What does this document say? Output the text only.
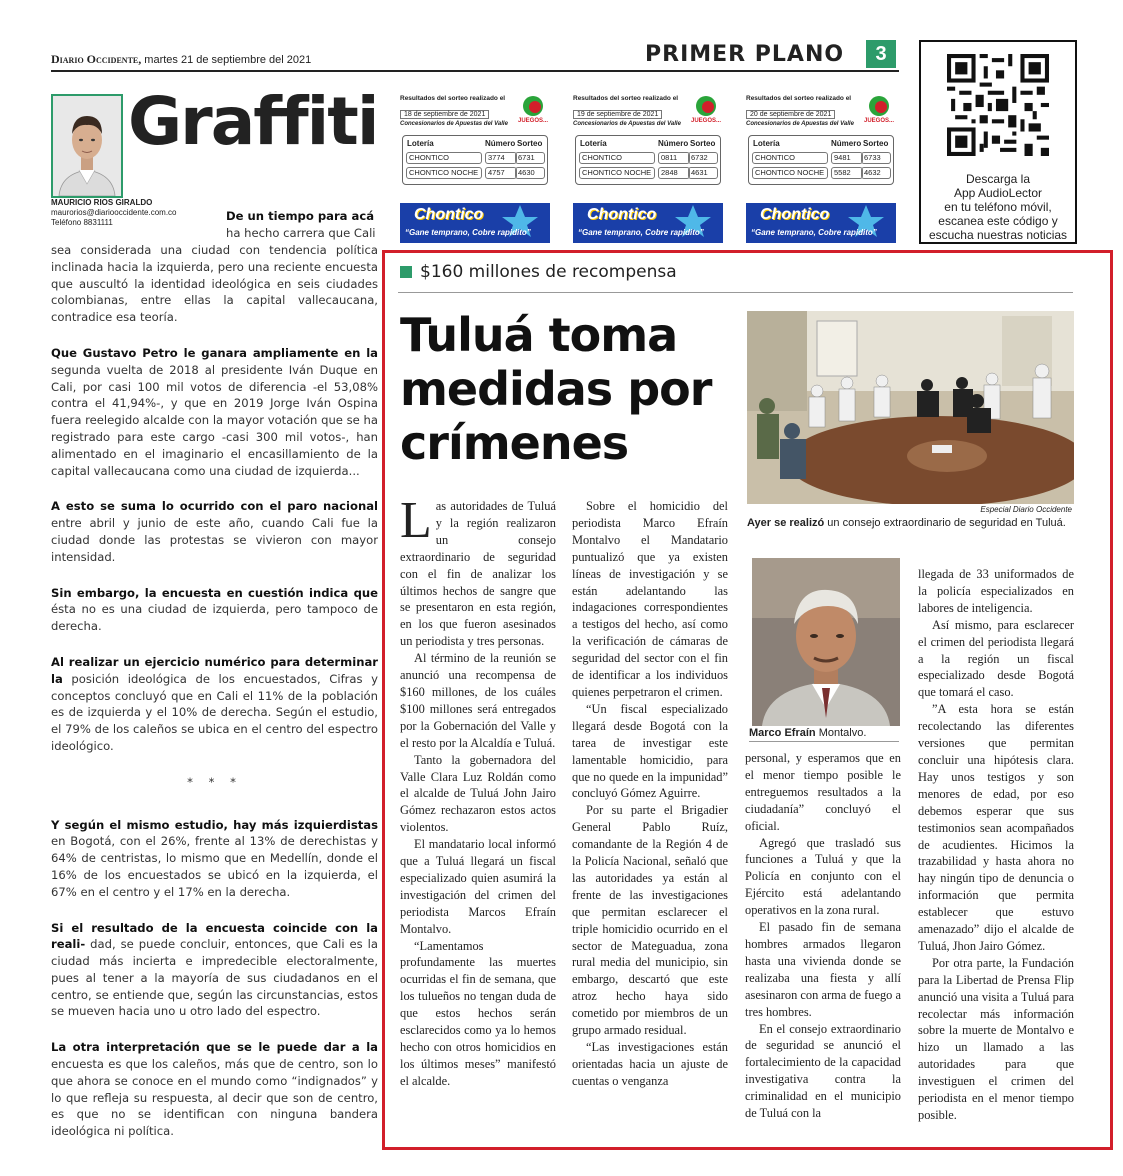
Diario Occidente, martes 21 de septiembre del 2021	PRIMER PLANO	3
Descarga la
App AudioLector
en tu teléfono móvil,
escanea este código y
escucha nuestras noticias
Graffiti
MAURICIO RIOS GIRALDO
maurorios@diariooccidente.com.co
Teléfono 8831111	De un tiempo para acá
ha hecho carrera que Cali
sea considerada una ciudad con tendencia política inclinada hacia la izquierda, pero una reciente encuesta que auscultó la identidad ideológica en seis ciudades colombianas, entre ellas la capital vallecaucana, contradice esa teoría.
Que Gustavo Petro le ganara ampliamente en la segunda vuelta de 2018 al presidente Iván Duque en Cali, por casi 100 mil votos de diferencia -el 53,08% contra el 41,94%-, y que en 2019 Jorge Iván Ospina fuera reelegido alcalde con la mayor votación que se ha registrado para este cargo -casi 300 mil votos-, han alimentado en el imaginario el encasillamiento de la capital vallecaucana como una ciudad de izquierda...
A esto se suma lo ocurrido con el paro nacional entre abril y junio de este año, cuando Cali fue la ciudad donde las protestas se vivieron con mayor intensidad.
Sin embargo, la encuesta en cuestión indica que ésta no es una ciudad de izquierda, pero tampoco de derecha.
Al realizar un ejercicio numérico para determinar la posición ideológica de los encuestados, Cifras y conceptos concluyó que en Cali el 11% de la población es de izquierda y el 10% de derecha. Según el estudio, el 79% de los caleños se ubica en el centro del espectro ideológico.
* * *
Y según el mismo estudio, hay más izquierdistas en Bogotá, con el 26%, frente al 13% de derechistas y 64% de centristas, lo mismo que en Medellín, donde el 16% de los encuestados se ubicó en la izquierda, el 67% en el centro y el 17% en la derecha.
Si el resultado de la encuesta coincide con la reali- dad, se puede concluir, entonces, que Cali es la ciudad más incierta e impredecible electoralmente, pues al tener a la mayoría de sus ciudadanos en el centro, se entiende que, según las circunstancias, estos se mueven hacia uno u otro lado del espectro.
La otra interpretación que se le puede dar a la encuesta es que los caleños, más que de centro, son lo que ahora se conoce en el mundo como “indignados” y lo que refleja su respuesta, al decir que son de centro, es que no se identifican con ninguna bandera ideológica ni política.
Resultados del sorteo realizado el
18 de septiembre de 2021
Concesionarios de Apuestas del Valle	JUEGOS...
Lotería	Número Sorteo
CHONTICO	3774	6731
CHONTICO NOCHE	4757	4630
Chontico
“Gane temprano, Cobre rapidito”
Resultados del sorteo realizado el
19 de septiembre de 2021
Concesionarios de Apuestas del Valle	JUEGOS...
Lotería	Número Sorteo
CHONTICO	0811	6732
CHONTICO NOCHE	2848	4631
Chontico
“Gane temprano, Cobre rapidito”
Resultados del sorteo realizado el
20 de septiembre de 2021
Concesionarios de Apuestas del Valle	JUEGOS...
Lotería	Número Sorteo
CHONTICO	9481	6733
CHONTICO NOCHE	5582	4632
Chontico
“Gane temprano, Cobre rapidito”
$160 millones de recompensa
Tuluá toma medidas por crímenes
Especial Diario Occidente
Ayer se realizó un consejo extraordinario de seguridad en Tuluá.
Marco Efraín Montalvo.

Las autoridades de Tuluá y la región realizaron un consejo extraordinario de seguridad con el fin de analizar los últimos hechos de sangre que se presentaron en esta región, en los que fueron asesinados un periodista y tres personas.

Al término de la reunión se anunció una recompensa de $160 millones, de los cuáles $100 millones será entregados por la Gobernación del Valle y el resto por la Alcaldía e Tuluá.

Tanto la gobernadora del Valle Clara Luz Roldán como el alcalde de Tuluá John Jairo Gómez rechazaron estos actos violentos.

El mandatario local informó que a Tuluá llegará un fiscal especializado quien asumirá la investigación del crimen del periodista Marcos Efraín Montalvo.

“Lamentamos profundamente las muertes ocurridas el fin de semana, que los tulueños no tengan duda de que estos hechos serán esclarecidos como ya lo hemos hecho con otros homicidios en los últimos meses” manifestó el alcalde.

Sobre el homicidio del periodista Marco Efraín Montalvo el Mandatario puntualizó que ya existen líneas de investigación y se están adelantando las indagaciones correspondientes a testigos del hecho, así como la verificación de cámaras de seguridad del sector con el fin de identificar a los individuos quienes perpetraron el crimen.

“Un fiscal especializado llegará desde Bogotá con la tarea de investigar este lamentable homicidio, para que no quede en la impunidad” concluyó Gómez Aguirre.

Por su parte el Brigadier General Pablo Ruíz, comandante de la Región 4 de la Policía Nacional, señaló que las autoridades ya están al frente de las investigaciones que permitan esclarecer el triple homicidio ocurrido en el sector de Mateguadua, zona rural media del municipio, sin embargo, descartó que este atroz hecho haya sido cometido por miembros de un grupo armado residual.

“Las investigaciones están orientadas hacia un ajuste de cuentas o venganza

personal, y esperamos que en el menor tiempo posible le entreguemos resultados a la ciudadanía” concluyó el oficial.

Agregó que trasladó sus funciones a Tuluá y que la Policía en conjunto con el Ejército está adelantando operativos en la zona rural.

El pasado fin de semana hombres armados llegaron hasta una vivienda donde se realizaba una fiesta y allí asesinaron con arma de fuego a tres hombres.

En el consejo extraordinario de seguridad se anunció el fortalecimiento de la capacidad investigativa contra la criminalidad en el municipio de Tuluá con la

llegada de 33 uniformados de la policía especializados en labores de inteligencia.

Así mismo, para esclarecer el crimen del periodista llegará a la región un fiscal especializado desde Bogotá que tomará el caso.

”A esta hora se están recolectando las diferentes versiones que permitan concluir una hipótesis clara. Hay unos testigos y son menores de edad, por eso debemos esperar que sus testimonios sean acompañados de acudientes. Hicimos la trazabilidad y hasta ahora no hay ningún tipo de denuncia o información que permita establecer que estuvo amenazado” dijo el alcalde de Tuluá, Jhon Jairo Gómez.

Por otra parte, la Fundación para la Libertad de Prensa Flip anunció una visita a Tuluá para recolectar más información sobre la muerte de Montalvo e hizo un llamado a las autoridades para que investiguen el crimen del periodista en el menor tiempo posible.
